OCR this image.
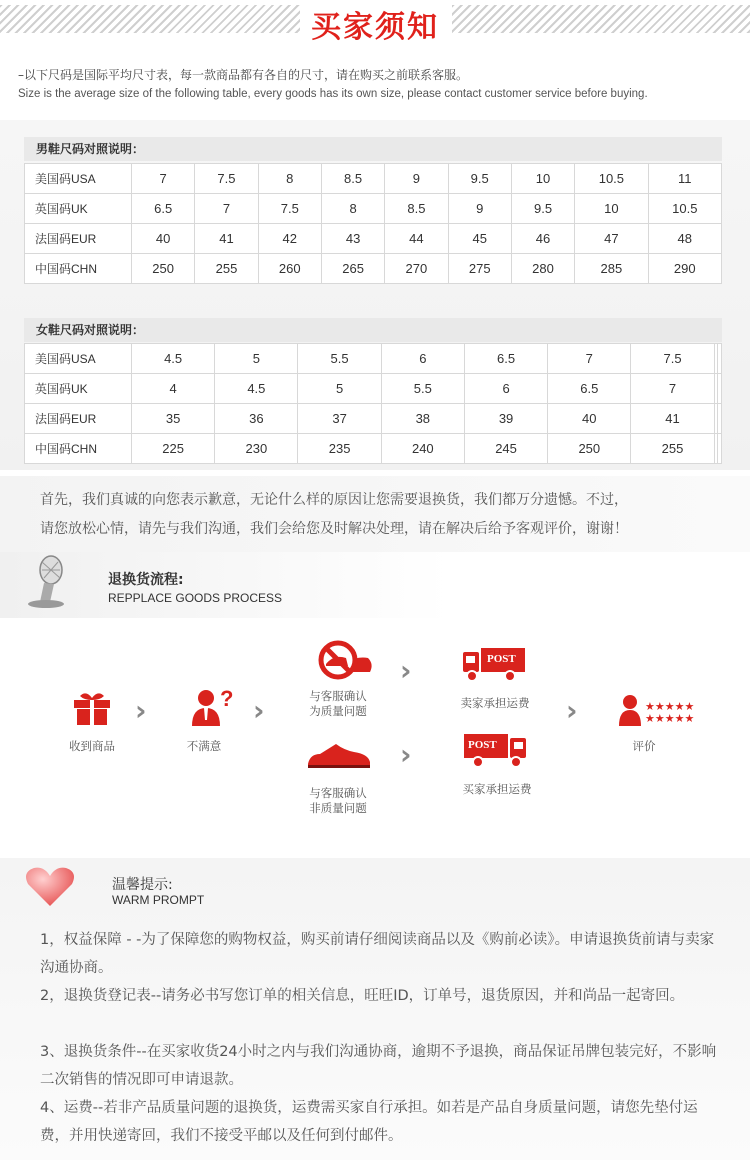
买家须知
–以下尺码是国际平均尺寸表，每一款商品都有各自的尺寸，请在购买之前联系客服。
Size is the average size of the following table, every goods has its own size, please contact customer service before buying.
男鞋尺码对照说明：
美国码USA	7	7.5	8	8.5	9	9.5	10	10.5	11
英国码UK	6.5	7	7.5	8	8.5	9	9.5	10	10.5
法国码EUR	40	41	42	43	44	45	46	47	48
中国码CHN	250	255	260	265	270	275	280	285	290
女鞋尺码对照说明：
美国码USA	4.5	5	5.5	6	6.5	7	7.5		
英国码UK	4	4.5	5	5.5	6	6.5	7		
法国码EUR	35	36	37	38	39	40	41		
中国码CHN	225	230	235	240	245	250	255		

首先，我们真诚的向您表示歉意，无论什么样的原因让您需要退换货，我们都万分遗憾。不过，

请您放松心情，请先与我们沟通，我们会给您及时解决处理，请在解决后给予客观评价，谢谢！

退换货流程:
REPPLACE GOODS PROCESS
收到商品
›	?
不满意
›	与客服确认
为质量问题
与客服确认
非质量问题
›
›
POST
卖家承担运费
POST
买家承担运费
›	★★★★★
★★★★★
评价
温馨提示:
WARM PROMPT
1，权益保障 - -为了保障您的购物权益，购买前请仔细阅读商品以及《购前必读》。申请退换货前请与卖家沟通协商。
2，退换货登记表--请务必书写您订单的相关信息，旺旺ID，订单号，退货原因，并和尚品一起寄回。
3、退换货条件--在买家收货24小时之内与我们沟通协商，逾期不予退换，商品保证吊牌包装完好，不影响二次销售的情况即可申请退款。
4、运费--若非产品质量问题的退换货，运费需买家自行承担。如若是产品自身质量问题，请您先垫付运费，并用快递寄回，我们不接受平邮以及任何到付邮件。
